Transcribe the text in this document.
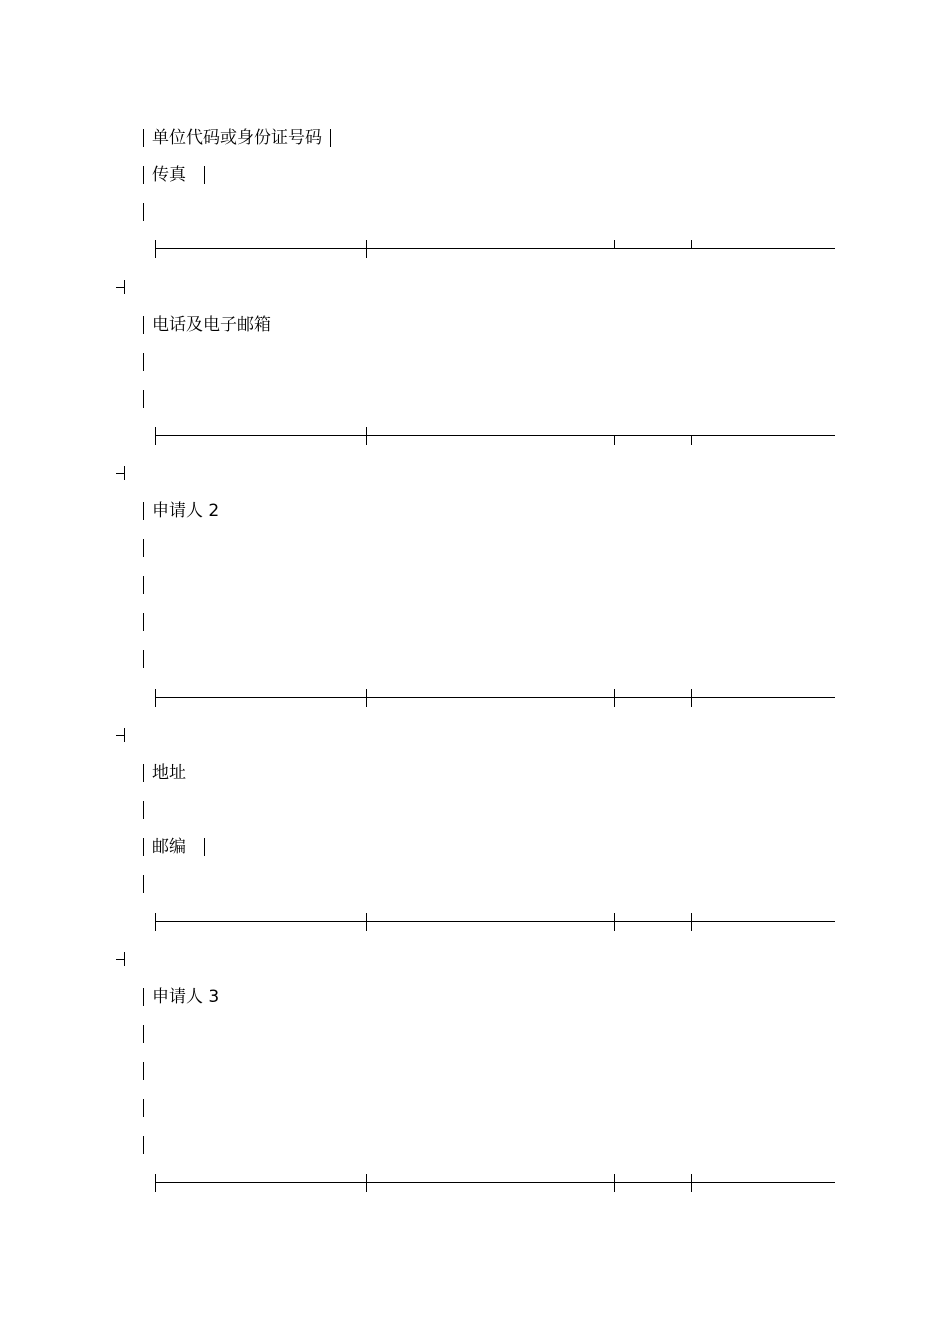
单位代码或身份证号码
传真
电话及电子邮箱
申请人 2
地址
邮编
申请人 3
